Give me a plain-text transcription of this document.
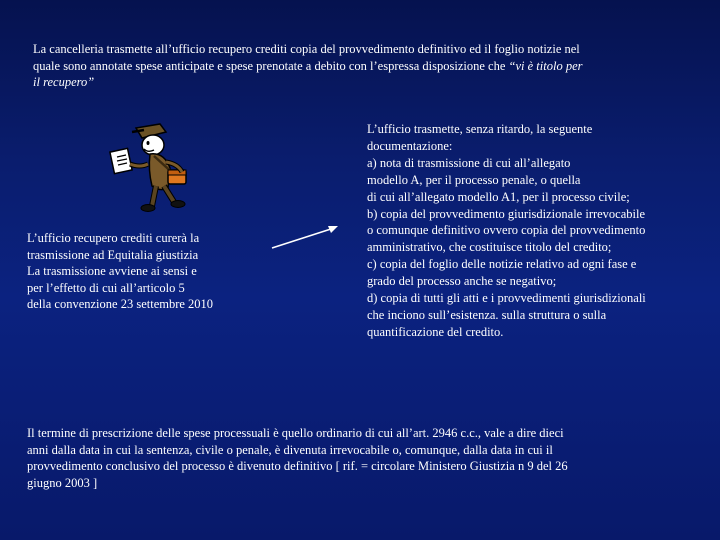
La cancelleria trasmette all’ufficio recupero crediti copia del provvedimento definitivo ed il foglio notizie nel
quale sono annotate spese anticipate e spese prenotate a debito con l’espressa disposizione che “vi è titolo per
il recupero”
L’ufficio recupero crediti curerà la
trasmissione ad Equitalia giustizia
La trasmissione avviene ai sensi e
per l’effetto di cui all’articolo 5
della convenzione 23 settembre 2010
L’ufficio trasmette, senza ritardo, la seguente
documentazione:
a) nota di trasmissione di cui all’allegato
modello A, per il processo penale, o quella
di cui all’allegato modello A1, per il processo civile;
b) copia del provvedimento giurisdizionale irrevocabile
o comunque definitivo ovvero copia del provvedimento
amministrativo, che costituisce titolo del credito;
c) copia del foglio delle notizie relativo ad ogni fase e
grado del processo anche se negativo;
d) copia di tutti gli atti e i provvedimenti giurisdizionali
che inciono sull’esistenza. sulla struttura o sulla
quantificazione del credito.
Il termine di prescrizione delle spese processuali è quello ordinario di cui all’art. 2946 c.c., vale a dire dieci
anni dalla data in cui la sentenza, civile o penale, è divenuta irrevocabile o, comunque, dalla data in cui il
provvedimento conclusivo del processo è divenuto definitivo [ rif. = circolare Ministero Giustizia n 9 del 26
giugno 2003 ]
